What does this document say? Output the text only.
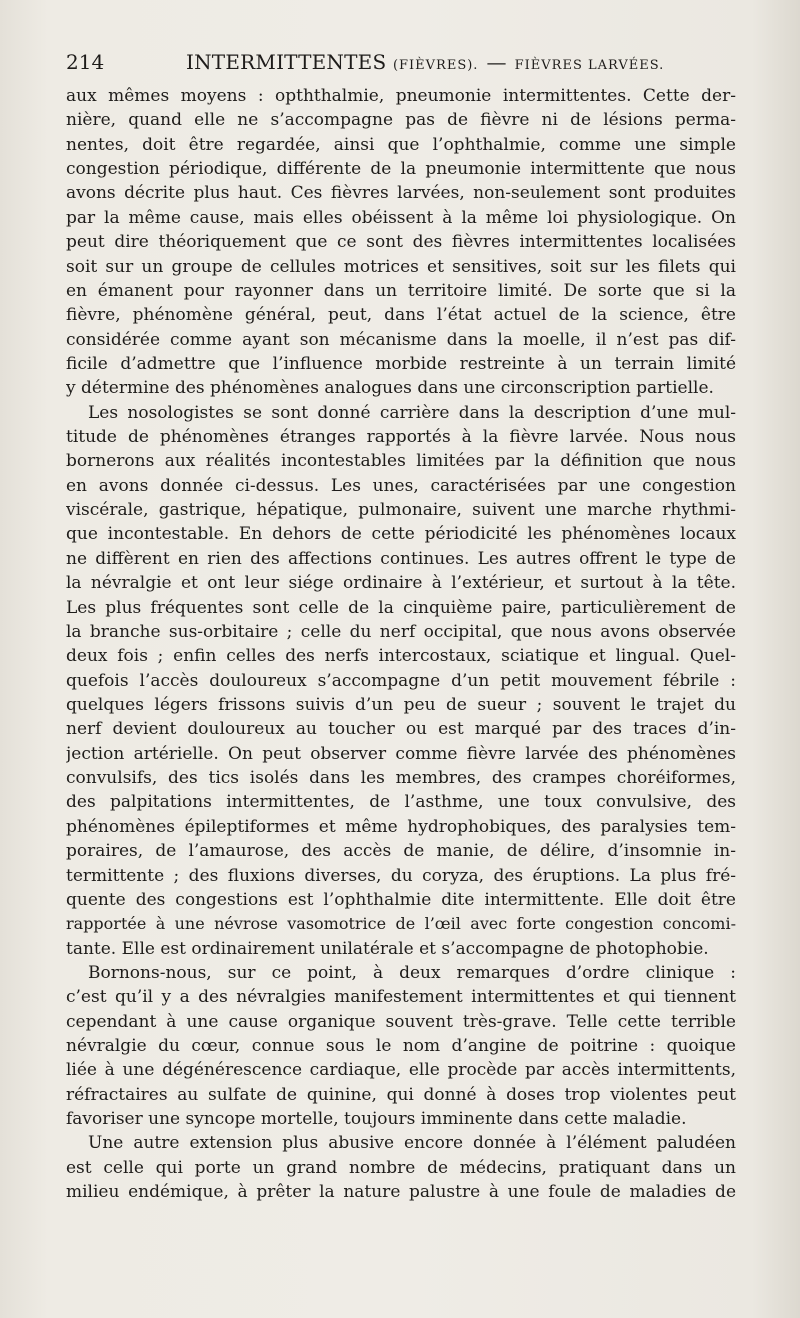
214	INTERMITTENTES (FIÈVRES). — FIÈVRES LARVÉES.
aux mêmes moyens : opththalmie, pneumonie intermittentes. Cette der-
nière, quand elle ne s’accompagne pas de fièvre ni de lésions perma-
nentes, doit être regardée, ainsi que l’ophthalmie, comme une simple
congestion périodique, différente de la pneumonie intermittente que nous
avons décrite plus haut. Ces fièvres larvées, non-seulement sont produites
par la même cause, mais elles obéissent à la même loi physiologique. On
peut dire théoriquement que ce sont des fièvres intermittentes localisées
soit sur un groupe de cellules motrices et sensitives, soit sur les filets qui
en émanent pour rayonner dans un territoire limité. De sorte que si la
fièvre, phénomène général, peut, dans l’état actuel de la science, être
considérée comme ayant son mécanisme dans la moelle, il n’est pas dif-
ficile d’admettre que l’influence morbide restreinte à un terrain limité
y détermine des phénomènes analogues dans une circonscription partielle.
Les nosologistes se sont donné carrière dans la description d’une mul-
titude de phénomènes étranges rapportés à la fièvre larvée. Nous nous
bornerons aux réalités incontestables limitées par la définition que nous
en avons donnée ci-dessus. Les unes, caractérisées par une congestion
viscérale, gastrique, hépatique, pulmonaire, suivent une marche rhythmi-
que incontestable. En dehors de cette périodicité les phénomènes locaux
ne diffèrent en rien des affections continues. Les autres offrent le type de
la névralgie et ont leur siége ordinaire à l’extérieur, et surtout à la tête.
Les plus fréquentes sont celle de la cinquième paire, particulièrement de
la branche sus-orbitaire ; celle du nerf occipital, que nous avons observée
deux fois ; enfin celles des nerfs intercostaux, sciatique et lingual. Quel-
quefois l’accès douloureux s’accompagne d’un petit mouvement fébrile :
quelques légers frissons suivis d’un peu de sueur ; souvent le trajet du
nerf devient douloureux au toucher ou est marqué par des traces d’in-
jection artérielle. On peut observer comme fièvre larvée des phénomènes
convulsifs, des tics isolés dans les membres, des crampes choréiformes,
des palpitations intermittentes, de l’asthme, une toux convulsive, des
phénomènes épileptiformes et même hydrophobiques, des paralysies tem-
poraires, de l’amaurose, des accès de manie, de délire, d’insomnie in-
termittente ; des fluxions diverses, du coryza, des éruptions. La plus fré-
quente des congestions est l’ophthalmie dite intermittente. Elle doit être
rapportée à une névrose vasomotrice de l’œil avec forte congestion concomi-
tante. Elle est ordinairement unilatérale et s’accompagne de photophobie.
Bornons-nous, sur ce point, à deux remarques d’ordre clinique :
c’est qu’il y a des névralgies manifestement intermittentes et qui tiennent
cependant à une cause organique souvent très-grave. Telle cette terrible
névralgie du cœur, connue sous le nom d’angine de poitrine : quoique
liée à une dégénérescence cardiaque, elle procède par accès intermittents,
réfractaires au sulfate de quinine, qui donné à doses trop violentes peut
favoriser une syncope mortelle, toujours imminente dans cette maladie.
Une autre extension plus abusive encore donnée à l’élément paludéen
est celle qui porte un grand nombre de médecins, pratiquant dans un
milieu endémique, à prêter la nature palustre à une foule de maladies de
